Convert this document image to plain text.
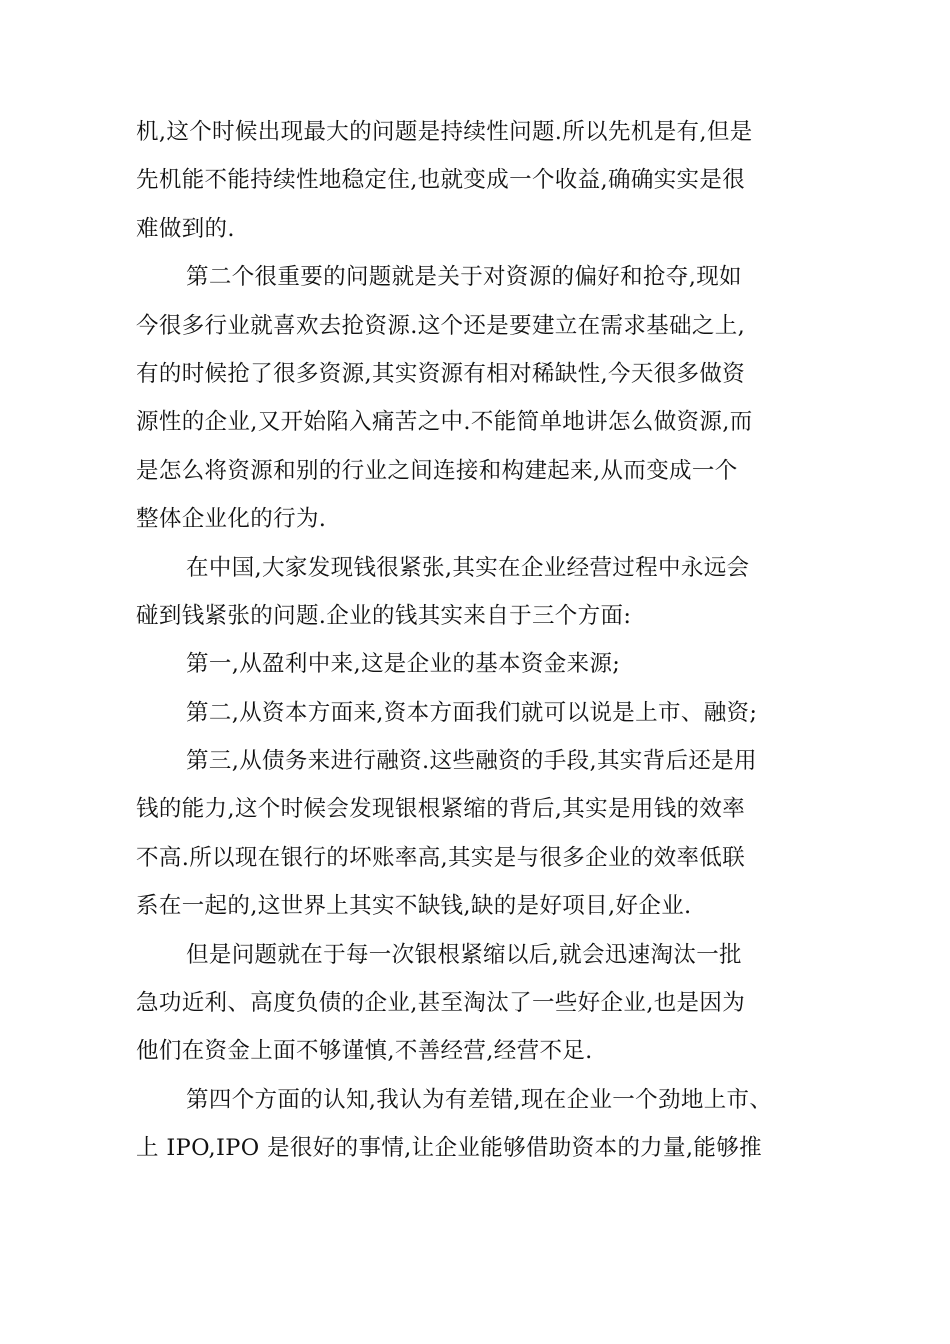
机,这个时候出现最大的问题是持续性问题.所以先机是有,但是
先机能不能持续性地稳定住,也就变成一个收益,确确实实是很
难做到的.
第二个很重要的问题就是关于对资源的偏好和抢夺,现如
今很多行业就喜欢去抢资源.这个还是要建立在需求基础之上,
有的时候抢了很多资源,其实资源有相对稀缺性,今天很多做资
源性的企业,又开始陷入痛苦之中.不能简单地讲怎么做资源,而
是怎么将资源和别的行业之间连接和构建起来,从而变成一个
整体企业化的行为.
在中国,大家发现钱很紧张,其实在企业经营过程中永远会
碰到钱紧张的问题.企业的钱其实来自于三个方面:
第一,从盈利中来,这是企业的基本资金来源;
第二,从资本方面来,资本方面我们就可以说是上市、融资;
第三,从债务来进行融资.这些融资的手段,其实背后还是用
钱的能力,这个时候会发现银根紧缩的背后,其实是用钱的效率
不高.所以现在银行的坏账率高,其实是与很多企业的效率低联
系在一起的,这世界上其实不缺钱,缺的是好项目,好企业.
但是问题就在于每一次银根紧缩以后,就会迅速淘汰一批
急功近利、高度负债的企业,甚至淘汰了一些好企业,也是因为
他们在资金上面不够谨慎,不善经营,经营不足.
第四个方面的认知,我认为有差错,现在企业一个劲地上市、
上 IPO,IPO 是很好的事情,让企业能够借助资本的力量,能够推
